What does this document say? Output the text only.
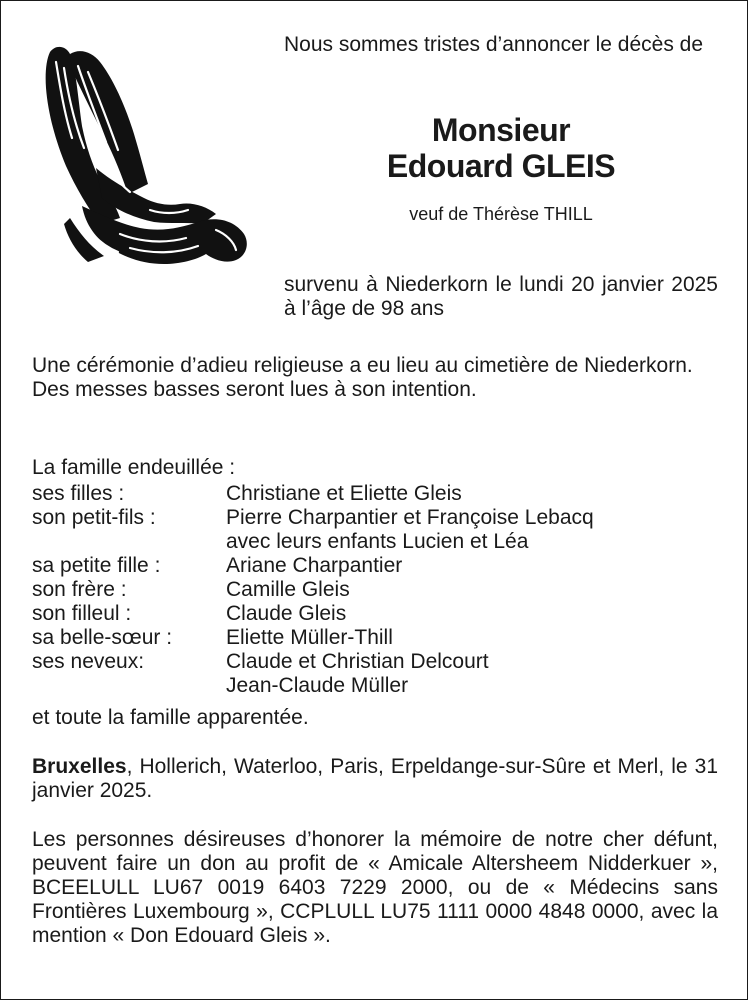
Nous sommes tristes d’annoncer le décès de
Monsieur
Edouard GLEIS
veuf de Thérèse THILL
survenu à Niederkorn le lundi 20 janvier 2025 à l’âge de 98 ans
Une cérémonie d’adieu religieuse a eu lieu au cimetière de Niederkorn.
Des messes basses seront lues à son intention.
La famille endeuillée :
ses filles :	Christiane et Eliette Gleis
son petit-fils :	Pierre Charpantier et Françoise Lebacq
avec leurs enfants Lucien et Léa
sa petite fille :	Ariane Charpantier
son frère :	Camille Gleis
son filleul :	Claude Gleis
sa belle-sœur :	Eliette Müller-Thill
ses neveux:	Claude et Christian Delcourt
Jean-Claude Müller
et toute la famille apparentée.
Bruxelles, Hollerich, Waterloo, Paris, Erpeldange-sur-Sûre et Merl, le 31 janvier 2025.
Les personnes désireuses d’honorer la mémoire de notre cher défunt, peuvent faire un don au profit de « Amicale Altersheem Nidderkuer », BCEELULL LU67 0019 6403 7229 2000, ou de « Médecins sans Frontières Luxembourg », CCPLULL LU75 1111 0000 4848 0000, avec la mention « Don Edouard Gleis ».
